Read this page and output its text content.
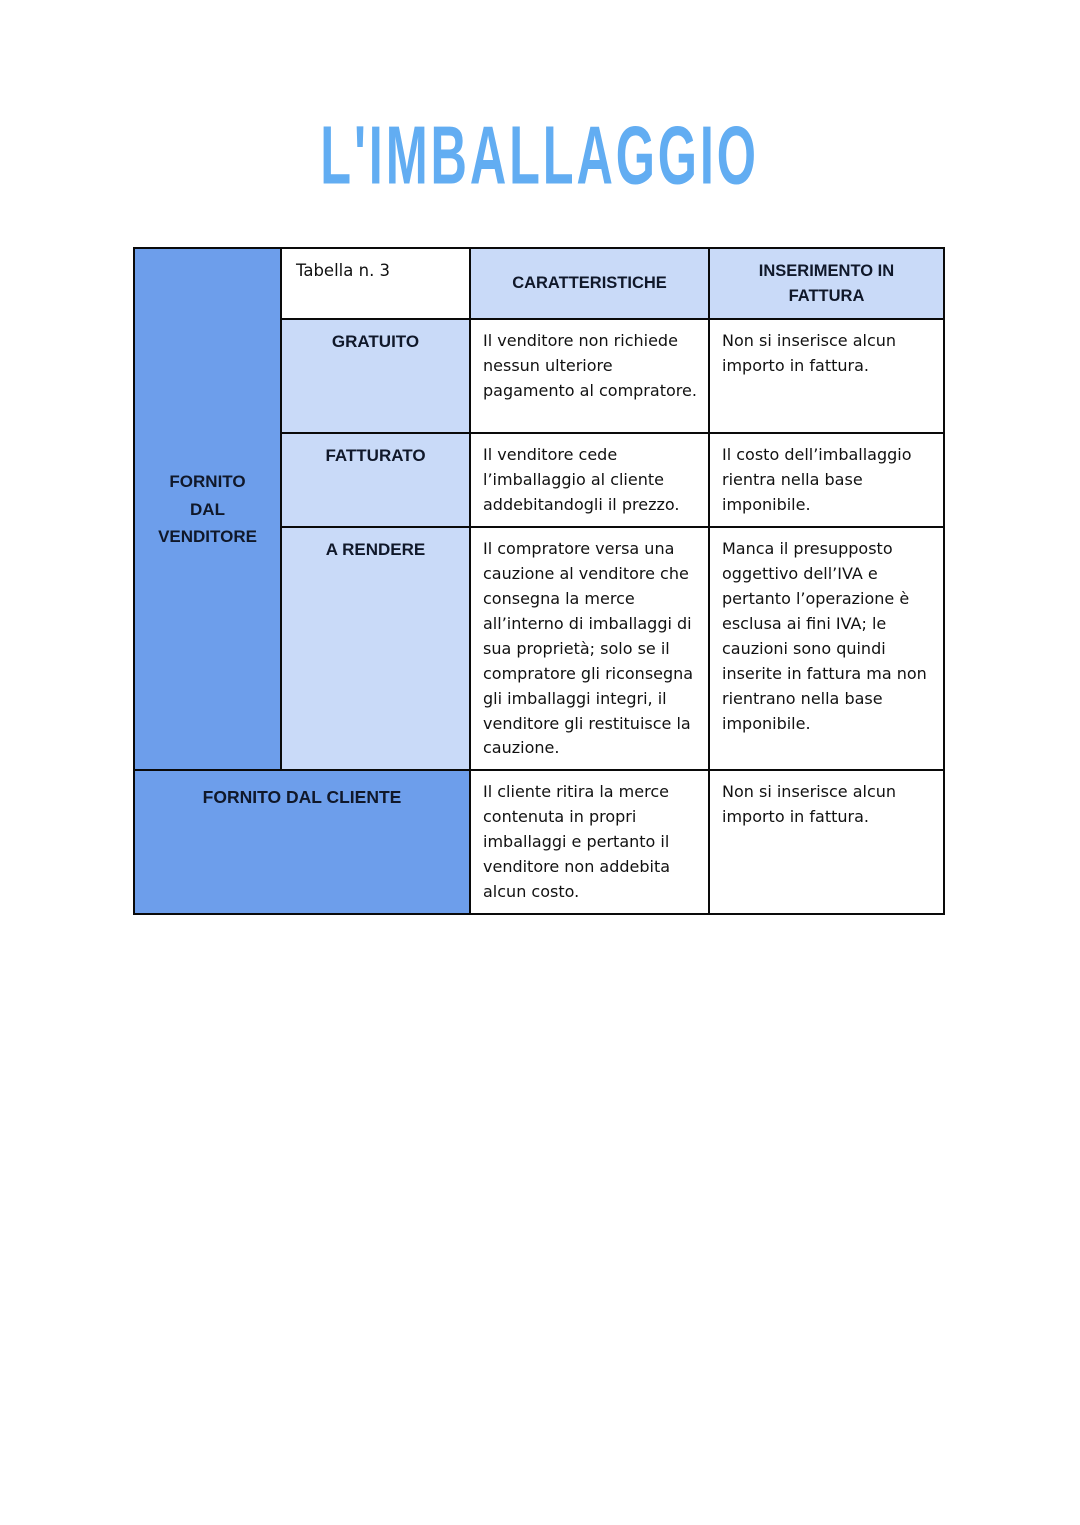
L'IMBALLAGGIO
FORNITO DAL VENDITORE	Tabella n. 3	CARATTERISTICHE	INSERIMENTO IN FATTURA
	GRATUITO	Il venditore non richiede nessun ulteriore pagamento al compratore.	Non si inserisce alcun importo in fattura.
	FATTURATO	Il venditore cede l’imballaggio al cliente addebitandogli il prezzo.	Il costo dell’imballaggio rientra nella base imponibile.
	A RENDERE	Il compratore versa una cauzione al venditore che consegna la merce all’interno di imballaggi di sua proprietà; solo se il compratore gli riconsegna gli imballaggi integri, il venditore gli restituisce la cauzione.	Manca il presupposto oggettivo dell’IVA e pertanto l’operazione è esclusa ai fini IVA; le cauzioni sono quindi inserite in fattura ma non rientrano nella base imponibile.
FORNITO DAL CLIENTE		Il cliente ritira la merce contenuta in propri imballaggi e pertanto il venditore non addebita alcun costo.	Non si inserisce alcun importo in fattura.
